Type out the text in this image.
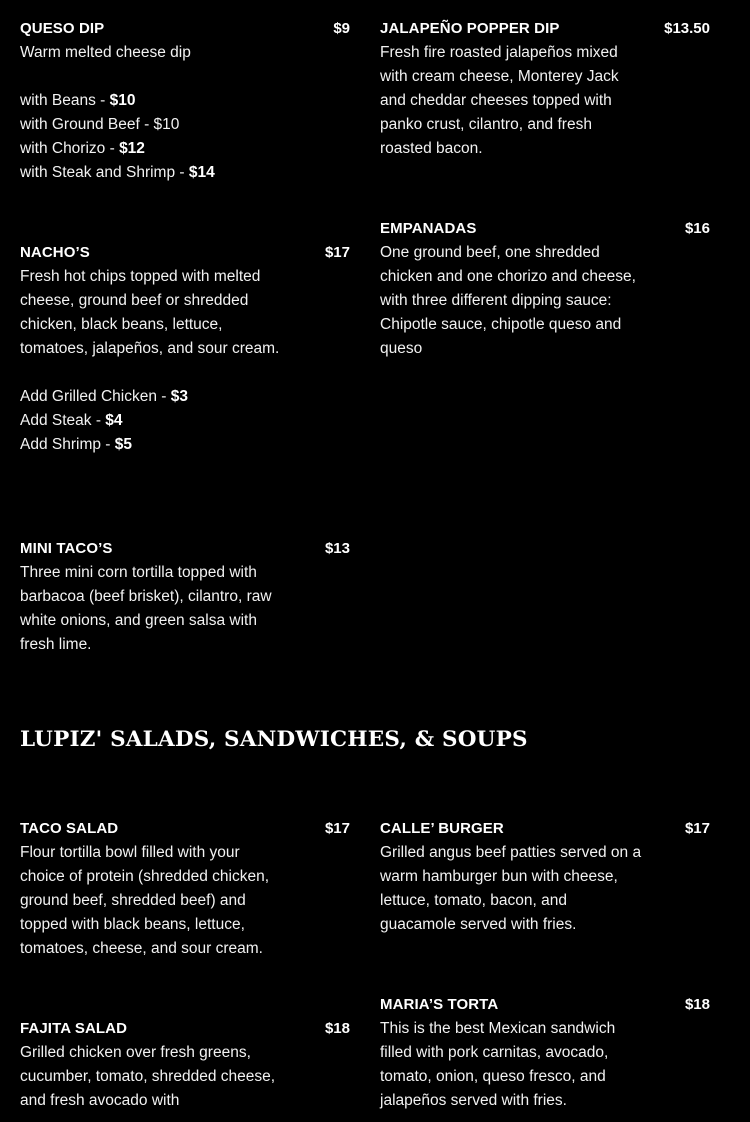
QUESO DIP	$9
Warm melted cheese dip
with Beans - $10
with Ground Beef - $10
with Chorizo - $12
with Steak and Shrimp - $14
JALAPEÑO POPPER DIP	$13.50
Fresh fire roasted jalapeños mixed with cream cheese, Monterey Jack and cheddar cheeses topped with panko crust, cilantro, and fresh roasted bacon.
EMPANADAS	$16
One ground beef, one shredded chicken and one chorizo and cheese, with three different dipping sauce: Chipotle sauce, chipotle queso and queso
NACHO’S	$17
Fresh hot chips topped with melted cheese, ground beef or shredded chicken, black beans, lettuce, tomatoes, jalapeños, and sour cream.
Add Grilled Chicken - $3
Add Steak - $4
Add Shrimp - $5
MINI TACO’S	$13
Three mini corn tortilla topped with barbacoa (beef brisket), cilantro, raw white onions, and green salsa with fresh lime.
LUPIZ' SALADS, SANDWICHES, & SOUPS
TACO SALAD	$17
Flour tortilla bowl filled with your choice of protein (shredded chicken, ground beef, shredded beef) and topped with black beans, lettuce, tomatoes, cheese, and sour cream.
CALLE’ BURGER	$17
Grilled angus beef patties served on a warm hamburger bun with cheese, lettuce, tomato, bacon, and guacamole served with fries.
MARIA’S TORTA	$18
This is the best Mexican sandwich filled with pork carnitas, avocado, tomato, onion, queso fresco, and jalapeños served with fries.
FAJITA SALAD	$18
Grilled chicken over fresh greens, cucumber, tomato, shredded cheese, and fresh avocado with
